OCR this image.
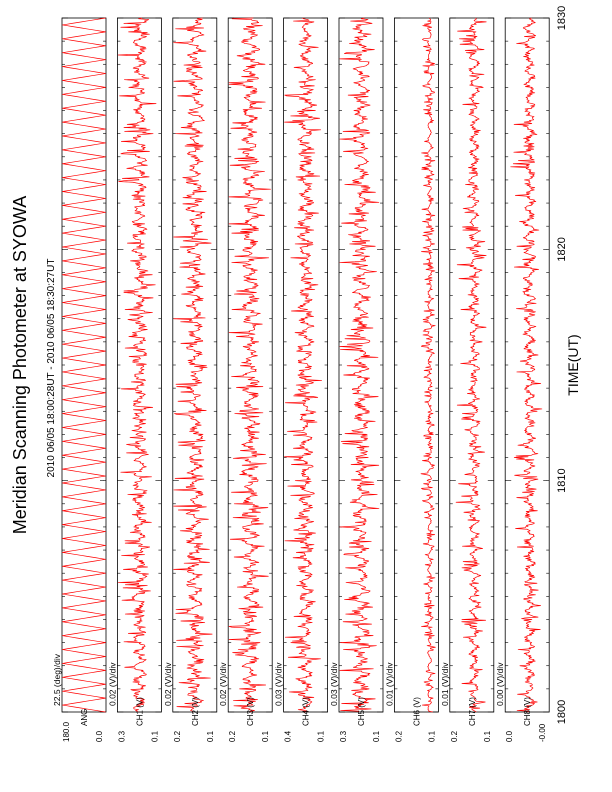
Meridian Scanning Photometer at SYOWA 2010 06/05 18:00:28UT - 2010 06/05 18:30:27UT	TIME(UT)
180.0	0.0
ANG
22.5 (deg)/div
0.3	0.1
CH1 (V)
0.02 (V)/div
0.2	0.1
CH2 (V)
0.02 (V)/div
0.2	0.1
CH3 (V)
0.02 (V)/div
0.4	0.1
CH4 (V)
0.03 (V)/div
0.3	0.1
CH5 (V)
0.03 (V)/div
0.2	0.1
CH6 (V)
0.01 (V)/div
0.2	0.1
CH7 (V)
0.01 (V)/div
0.0	-0.00
CH8 (V)
0.00 (V)/div
1800
1810
1820
1830
